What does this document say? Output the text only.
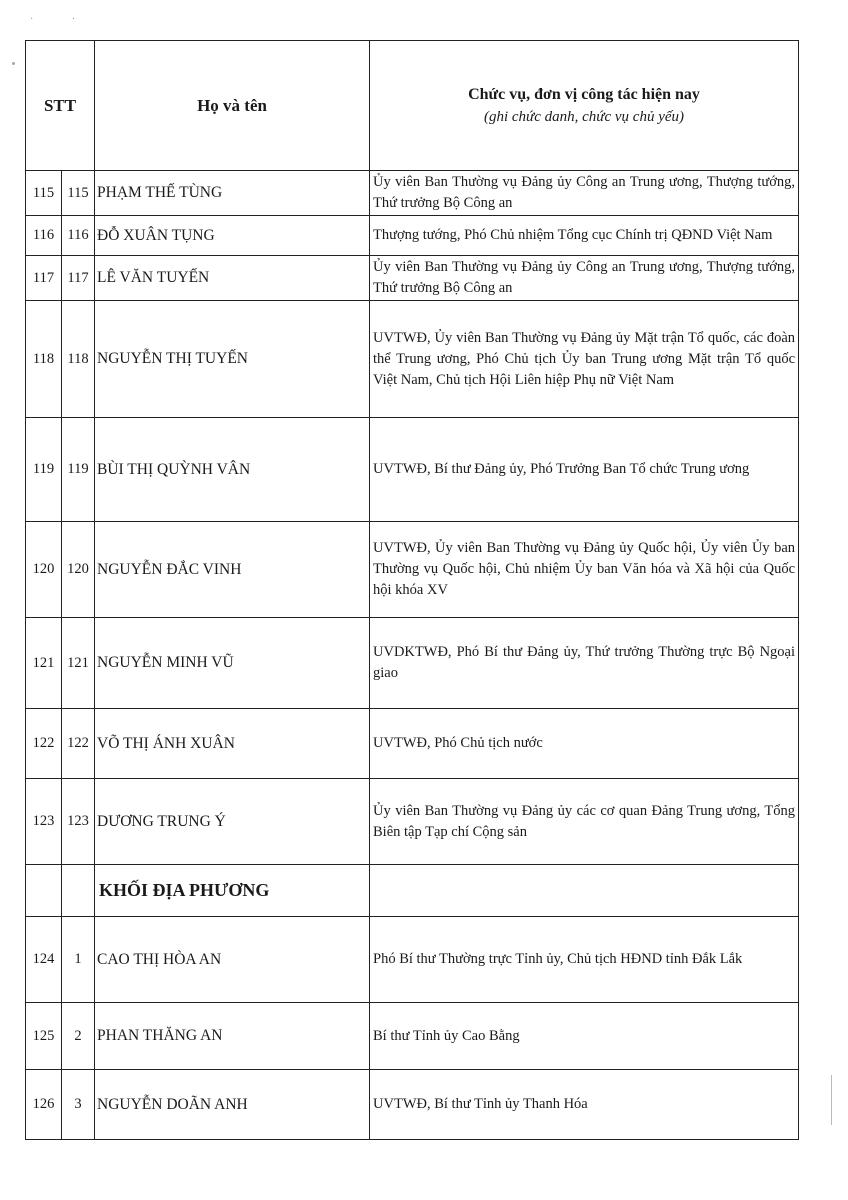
· ·
STT		Họ và tên	Chức vụ, đơn vị công tác hiện nay
(ghi chức danh, chức vụ chủ yếu)

115	115	PHẠM THẾ TÙNG	Ủy viên Ban Thường vụ Đảng ủy Công an Trung ương, Thượng tướng, Thứ trưởng Bộ Công an
116	116	ĐỖ XUÂN TỤNG	Thượng tướng, Phó Chủ nhiệm Tổng cục Chính trị QĐND Việt Nam
117	117	LÊ VĂN TUYẾN	Ủy viên Ban Thường vụ Đảng ủy Công an Trung ương, Thượng tướng, Thứ trưởng Bộ Công an
118	118	NGUYỄN THỊ TUYẾN	UVTWĐ, Ủy viên Ban Thường vụ Đảng ủy Mặt trận Tổ quốc, các đoàn thể Trung ương, Phó Chủ tịch Ủy ban Trung ương Mặt trận Tổ quốc Việt Nam, Chủ tịch Hội Liên hiệp Phụ nữ Việt Nam
119	119	BÙI THỊ QUỲNH VÂN	UVTWĐ, Bí thư Đảng ủy, Phó Trưởng Ban Tổ chức Trung ương
120	120	NGUYỄN ĐẮC VINH	UVTWĐ, Ủy viên Ban Thường vụ Đảng ủy Quốc hội, Ủy viên Ủy ban Thường vụ Quốc hội, Chủ nhiệm Ủy ban Văn hóa và Xã hội của Quốc hội khóa XV
121	121	NGUYỄN MINH VŨ	UVDKTWĐ, Phó Bí thư Đảng ủy, Thứ trưởng Thường trực Bộ Ngoại giao
122	122	VÕ THỊ ÁNH XUÂN	UVTWĐ, Phó Chủ tịch nước
123	123	DƯƠNG TRUNG Ý	Ủy viên Ban Thường vụ Đảng ủy các cơ quan Đảng Trung ương, Tổng Biên tập Tạp chí Cộng sản
		KHỐI ĐỊA PHƯƠNG	
124	1	CAO THỊ HÒA AN	Phó Bí thư Thường trực Tỉnh ủy, Chủ tịch HĐND tỉnh Đắk Lắk
125	2	PHAN THĂNG AN	Bí thư Tỉnh ủy Cao Bằng
126	3	NGUYỄN DOÃN ANH	UVTWĐ, Bí thư Tỉnh ủy Thanh Hóa
